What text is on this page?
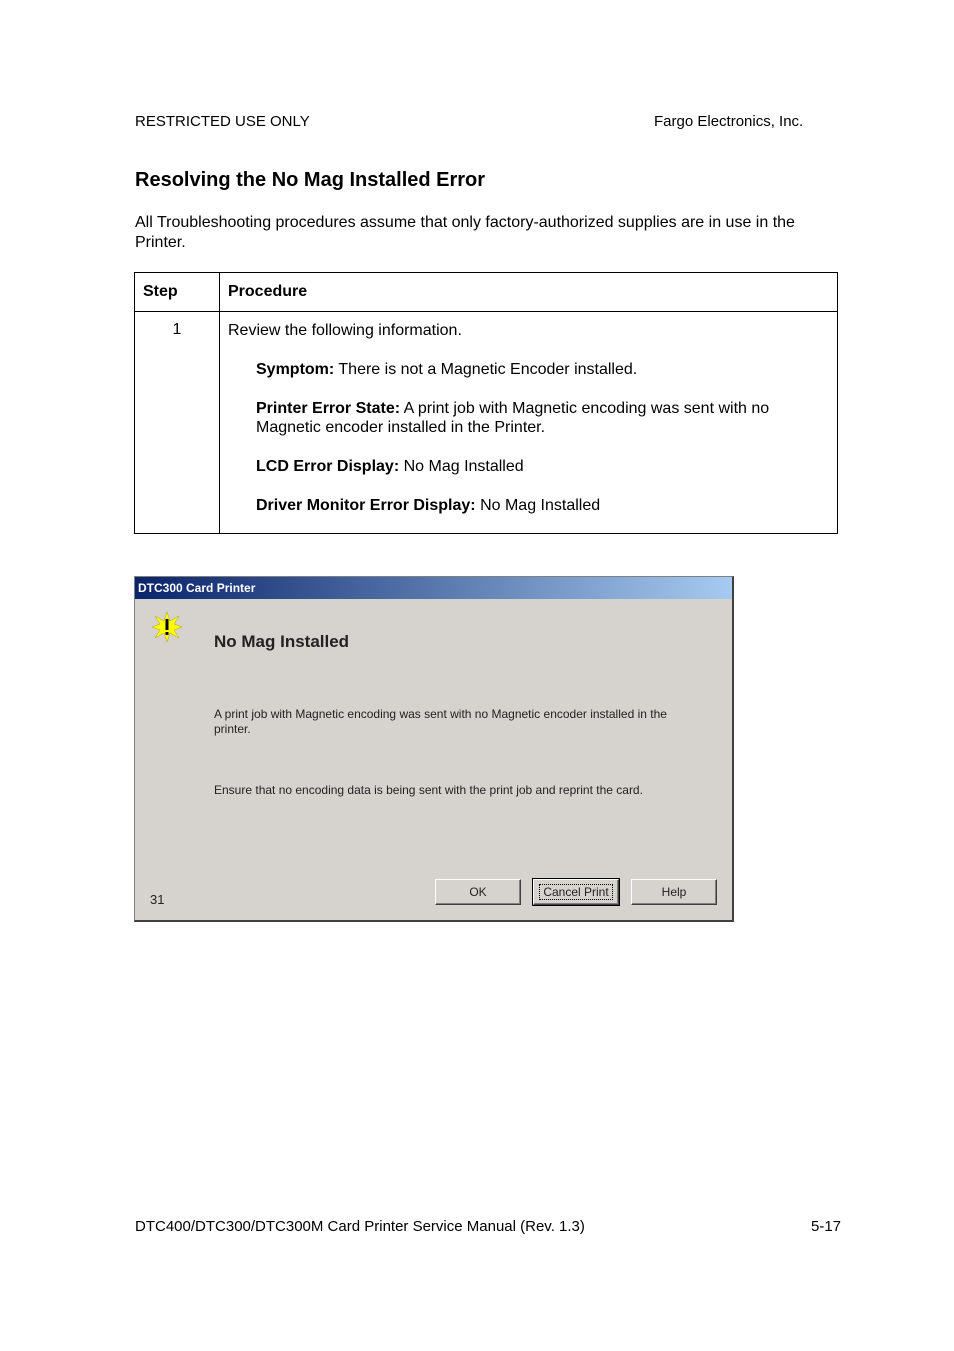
RESTRICTED USE ONLY	Fargo Electronics, Inc.
Resolving the No Mag Installed Error

All Troubleshooting procedures assume that only factory-authorized supplies are in use in the Printer.

Step	Procedure
1	Review the following information.

Symptom: There is not a Magnetic Encoder installed.

Printer Error State: A print job with Magnetic encoding was sent with no Magnetic encoder installed in the Printer.

LCD Error Display: No Mag Installed

Driver Monitor Error Display: No Mag Installed

DTC300 Card Printer
No Mag Installed
A print job with Magnetic encoding was sent with no Magnetic encoder installed in the printer.
Ensure that no encoding data is being sent with the print job and reprint the card.
31	OK	Cancel Print	Help
DTC400/DTC300/DTC300M Card Printer Service Manual (Rev. 1.3)	5-17
